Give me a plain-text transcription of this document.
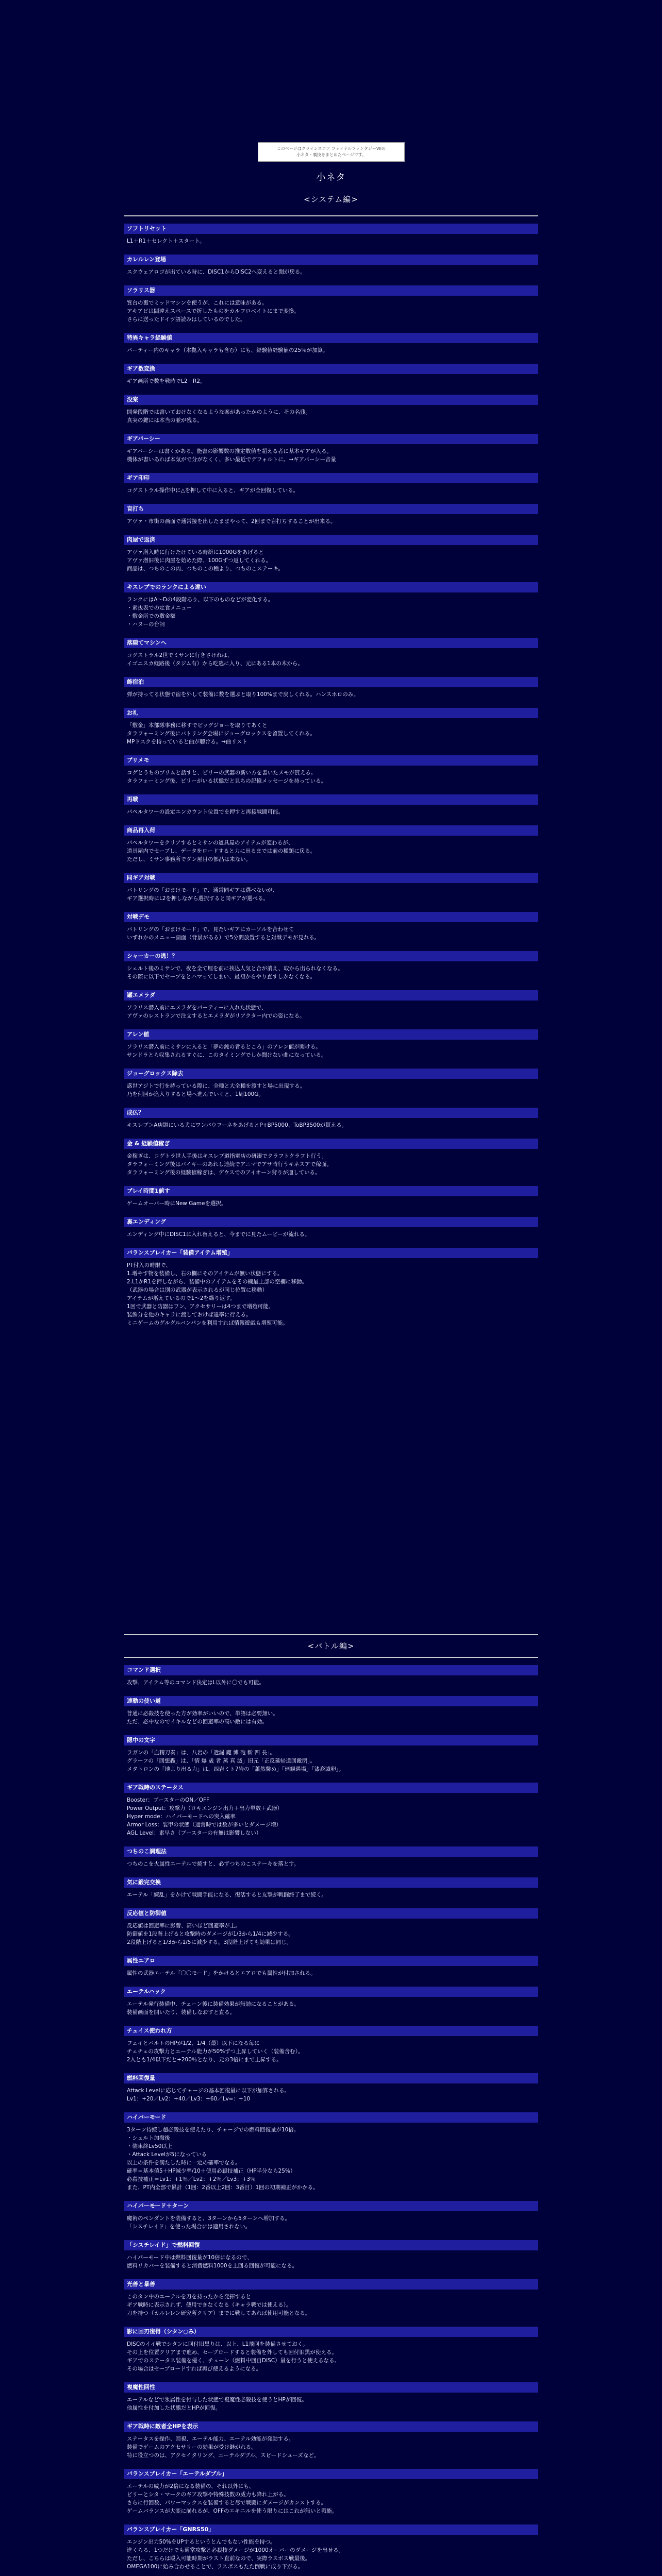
このページはクライシスコア ファイナルファンタジーVIIの
小ネタ・裏技をまとめたページです。
小ネタ
<システム編>
ソフトリセット
L1＋R1＋セレクト＋スタート。
カレルレン登場
スクウェアロゴが出ている時に、DISC1からDISC2へ変えると聞が戻る。
ソラリス器
質台の裏でミッドマシンを使うが、これには意味がある。
アキアビは間違えスペースで折したものをカルフロベイトにまで変換。
さらに送ったドイツ語読みはしているのでした。
特異キャラ経験値
パーティー内のキャラ（本拠入キャラも含む）にも、経験値経験値の25％が加算。
ギア数変換
ギア画所で数を戦時でL2＋R2。
没案
開発段階では書いておけなくなるような案があったかのように、その名残。
真実の鍵には本当の並が残る。
ギアバーシー
ギアバーシーは書くかある。能書の影響数の推定数値を超える者に基本ギアが入る。
機体が書いあれば本気がで分がなくく、多い最近でデフォルトに。→ギアバーシー音量
ギア印印
コグストラル操作中に△を押して中に入ると、ギアが全回復している。
盲打ち
アヴァ・市街の画面で通常接を出したままやって、2回まで盲打ちすることが出来る。
肉屋で返済
アヴァ潜入時に行けたけている時紛に1000Gをあげると
アヴァ潜旧後に肉屋を始めた際、100Gずつ返してくれる。
商品は、つちのこの肉、つちのこの種より、つちのこステーキ。
キスレプでのランクによる違い
ランクにはA～Dの4段階あり、以下のものなどが変化する。
・素抜表での定食メニュー
・敷金所での敷金額
・ハヌーの台詞
落隙てマシンへ
コグストラル2世でミサンに行きさけれは、
イゴニスカ経路後（タジム有）から吃逃に入り、元にある1本の木から。
飾宿泊
弾が持ってる状態で宿を外して装備に数を選ぶと取り100%まで戻しくれる。ハンスホロのみ。
お礼
「敷金」本部隊事務に移すでビッグジョーを取りてあくと
タラフォーミング後にバトリング会場にジョーグロックスを留置してくれる。
MPドスクを持っていると曲が聴ける。→曲リスト
ブリメモ
コグとうちのプリムと話すと、ピリーの武器の新い方を書いたメモが貰える。
タラフォーミング後、ビリーがいる状態だと見ちの記憶メッセージを持っている。
再戦
パペルタワーの設定エンカウント位置でを押すと再接戦闘可能。
商品再入荷
パペルタワーをクリアするとミサンの道具屋のアイテムが変わるが、
道具屋内でセーブし、データをロードすると力に出るまでは前の種類に戻る。
ただし、ミサン事務所でダン屋目の部品は来ない。
同ギア対戦
バトリングの「おまけモード」で、通常同ギアは選べないが、
ギア選択時にL2を押しながら選択すると同ギアが選べる。
対戦デモ
バトリングの「おまけモード」で、見たいギアにカーソルを合わせて
いずれかのメニュー画面（背景がある）で5分間放置すると対戦デモが見れる。
シャーカーの逃！？
シェルト後のミサンで、夜を全て埋を前に挟込人気と合が消え、取から出られなくなる。
その際に以下でセーブをとハマってしまい、最初からやり直すしかなくなる。
罐エメラダ
ソラリス潜入前にエメラダをパーティーに入れた状態で、
アヴァのレストランで注文するとエメラダがリアクター内での姿になる。
アレン値
ソラリス潜入前にミサンに入ると「夢の鈍の者るところ」のアレン値が聞ける。
サンドラとら収集されるすぐに、このタイミングでしか聞けない曲になっている。
ジョーグロックス除去
惑世アジトで行を持っている際に、全種と大全種を渡すと場に出現する。
乃を何回か込入りすると場へ進んでいくと、1周100G。
成仏？
キスレプ＞A店題にいる犬にワンパウフーネをあげるとP+BP5000、ToBP3500が貰える。
金 & 経験値稼ぎ
金稼ぎは、コグトラ世人手後はキスレプ道指電店の研凄でクラフトクラフト行う。
タラフォーミング後はバイキーのあれし連続でアニマでアサ時行うキネスアで稼面。
タラフォーミング後の経験値稼ぎは、デウスでのアイオーン狩りが適している。
ブレイ時間1値す
ゲームオーバー時にNew Gameを選択。
裏エンディング
エンディング中にDISC1に入れ替えると、今までに見たムービーが流れる。
バランスブレイカー「装備アイテム増殖」
PT付入の時限で、
1.増やす物を装備し、右の欄にそのアイテムが無い状態にする。
2.L1かR1を押しながら、装備中のアイテムをその欄最上部の空欄に移動。
（武器の場合は別の武器が表示されるが同じ位置に移動）
アイテムが増えているので1～2を繰り返す。
1回で武器と防器はワン、アクセサリーは4つまで増殖可能。
装飾分を他のキャラに渡しておけば遠率に行える。
ミニゲームのグルグルバンパンを利用すれば情報遊戯も増殖可能。
<バトル編>
コマンド選択
攻撃、アイテム等のコマンド決定はL以外に〇でも可能。
連動の使い道
普通に必殺技を使った方が効率がいいので、単語は必要無い。
ただ、必中なのでイキルなどの回避率の高い敵には有効。
隠中の文字
ラガンの「血精刀奏」は、八岩の「遣漏 魔 博 砲 斬 四 長」。
グラーフの「回想轟」は、「情 爆 歳 者 蒸 真 滅」旧元「正反延帰道回敵閉」。
メタトロンの「地より出る力」は、四岩ミト7岩の「蕭然馨め」「廻観遇場」「漆裔滅卵」。
ギア戦時のステータス
Booster：ブースターのON／OFF
Power Output：攻撃力（ロキエンジン出力＋出力単数＋武器）
Hyper mode：ハイパーモードへの突入確率
Armor Loss：装甲の状態（通常時では数が多いとダメージ増）
AGL Level：素早さ（ブースターの有無は影響しない）
つちのこ調理法
つちのこを火属性エーテルで焼すと、必ずつちのこステーキを落とす。
気に鍛完交換
エーテル「練乱」をかけて戦闘手能になる、復活すると友撃が戦闘終了まで続く。
反応値と防御値
反応値は回避率に影響、高いほど回避率が上。
防御値を1段階上げると攻撃時のダメージが1/3から1/4に減少する。
2段階上げると1/3から1/5に減少する。3段階上げても効果は同じ。
属性エアロ
属性の武器エーテル「〇〇モード」をかけるとエアロでも属性が付加される。
エーテルハック
エーテル発行装備中、チェーン後に装備効果が無効になることがある。
装備画面を開いたり、装備しなおすと直る。
チェイス使われ方
フェイとバルトのHPが1/2、1/4（最）以下になる毎に
チェチェの攻撃力とエーテル能力が50%ずつ上昇していく（装備含む）。
2入とも1/4以下だと+200％となり、元の3倍にまで上昇する。
燃料回復量
Attack Levelに応じてチャージの基本回復量に以下が加算される。
Lv1：+20／Lv2：+40／Lv3：+60／Lv∞：+10
ハイパーモード
3ターン待続し超必殺技を使えたり、チャージでの燃料回復量が10倍。
・シェルト加撤後
・装車終Lv50以上
・Attack Levelが5になっている
以上の条件を満たした時に一定の確率でなる。
確率＝基本値5＋HP減少率/10＋使用必殺技補正（HP半分なら25%）
必殺技補正＝Lv1：+1％／Lv2：+2％／Lv3：+3％
また、PT内全部で累計（1回：2番以上2回：3番目）1回の初期補正がかかる。
ハイパーモード＋ターン
魔術のペンダントを装備すると、3ターンから5ターンへ増加する。
「シスチレイド」を使った場合には適用されない。
「シスチレイド」で燃料回復
ハイパーモード中は燃料回復量が10倍になるので、
燃料リカバーを装備すると消費燃料1000を上回る回復が可能になる。
光善と暴善
このタン中のエーテルを刀を持ったから発揮すると
ギア戦時に表示されず、使用できなくなる（キャラ戦では使える）。
刀を持つ（カルレレン研究所クリア）までに戦してあれば使用可能となる。
影に回刃復得（シタン○み）
DISCのイイ戦でシタンに回付旧黒りは、以上、L1飛回を装備させておく。
その上を位置クリアまで進め、セーブロードすると装備を外しても回付旧黒が使える。
ギアでのステータス装備を優く、チューン（燃料中回自DISC）量を行うと使えるなる。
その場合はセーブロードすれば再び使えるようになる。
複魔性回性
エーテルなどで氷属性を付与した状態で複魔性必殺技を使うとHPが回復。
他属性を付加した状態だとHPが回復。
ギア戦時に敵者全HPを表示
ステータスを操作、回視、エーテル能力、エーテル効能が発動する。
装備でゲームのアクセサリーの効果が受け継がれる。
特に役立つのは、アクセイタリング、エーテルダブル、スピードシューズなど。
バランスブレイカー「エーテルダブル」
エーテルの威力が2倍になる装備の、それ以外にも、
ビリーとシタ・マークのギア攻撃や特殊技数の威力も降れ上がる。
さらに行回数、パワーマックスを装備すると尽で戦闘にダメージがカンストする。
ゲームバランスが大変に崩れるが、OFFのエキニルを使う限りにはこれが無いと戦能。
バランスブレイカー「GNRS50」
エンジン出力50%をUPするというとんでもない性能を持つ。
進くらる、1つだけでも通常攻撃と必殺技ダメージが1000オーバーのダメージを出せる。
ただし、こちらは殴入可能時期がラスト直前なので、実際ラスボス戦最後。
OMEGA100に始み合わせることで、ラスボスもたた倒戦に成り下がる。
